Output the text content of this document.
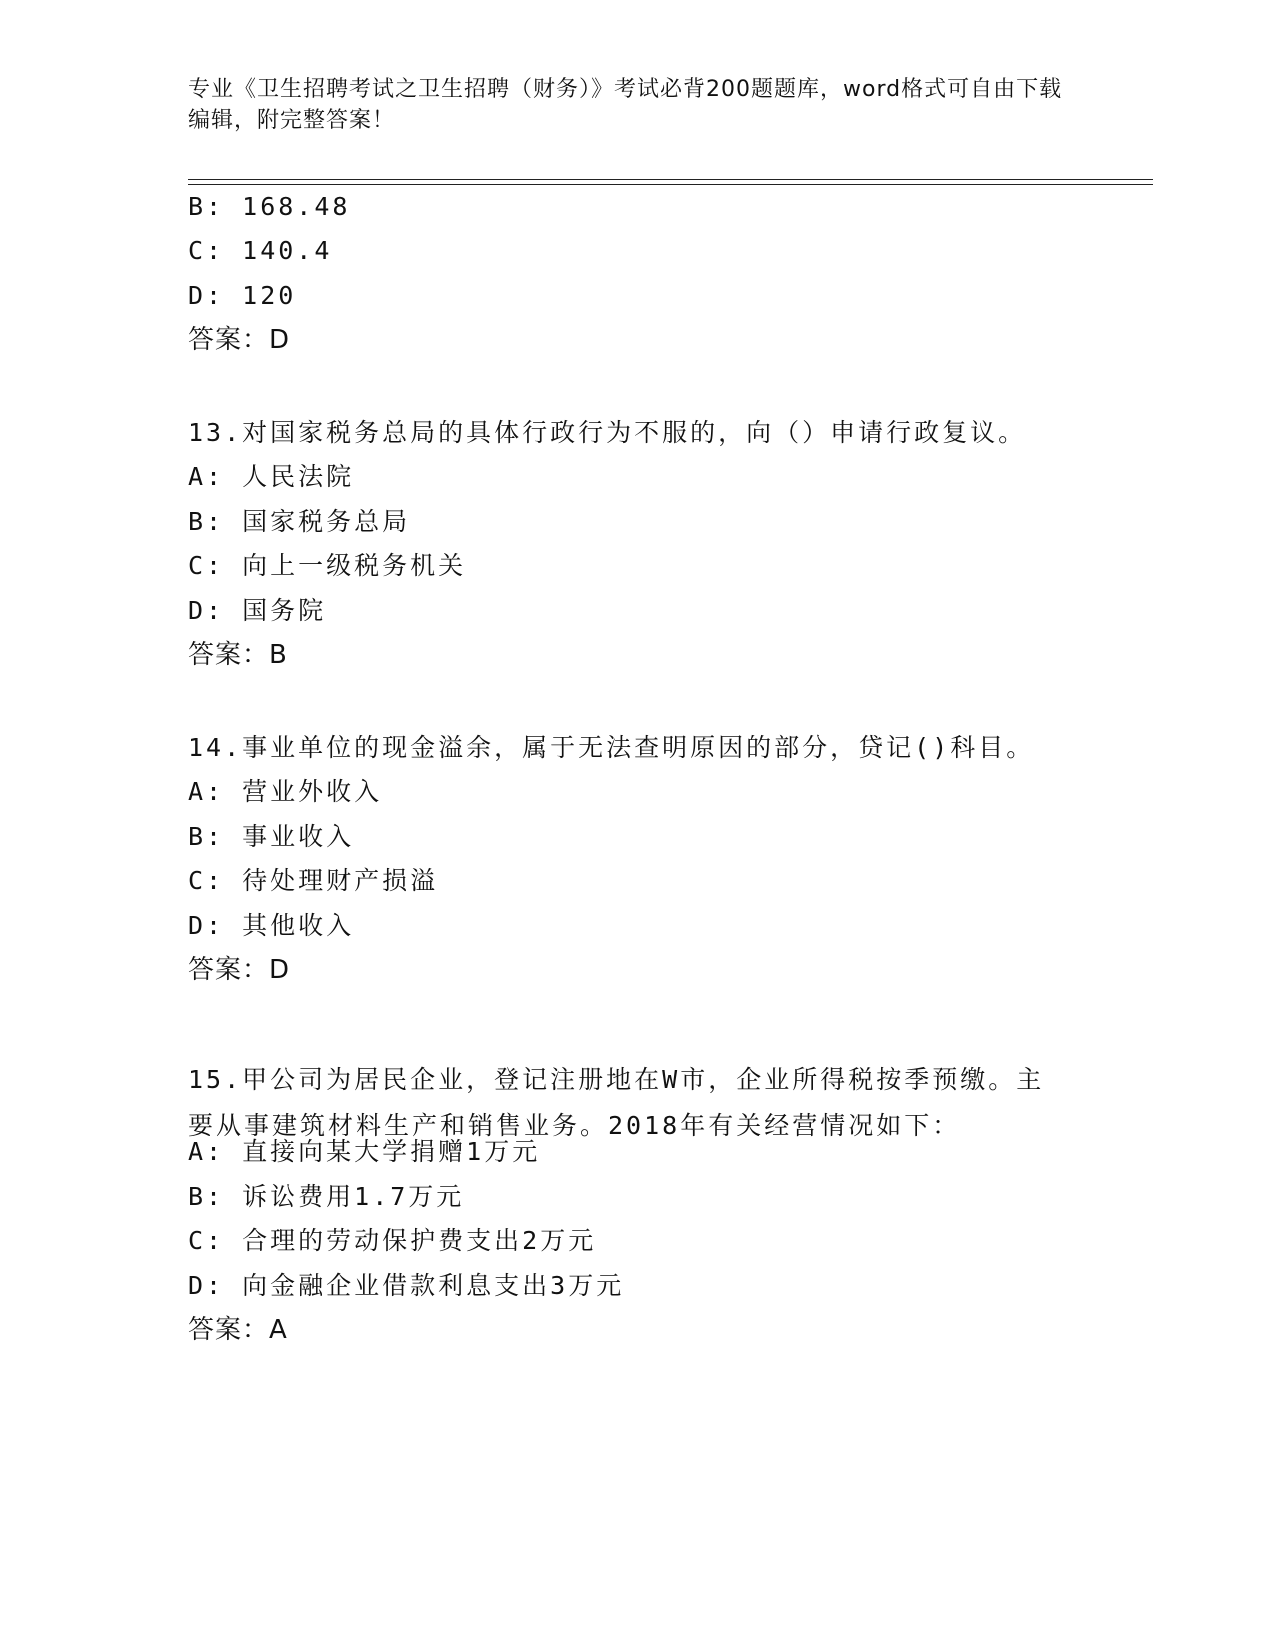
专业《卫生招聘考试之卫生招聘（财务）》考试必背200题题库，word格式可自由下载编辑，附完整答案！
B: 168.48
C: 140.4
D: 120
答案：D
13.对国家税务总局的具体行政行为不服的，向（）申请行政复议。
A: 人民法院
B: 国家税务总局
C: 向上一级税务机关
D: 国务院
答案：B
14.事业单位的现金溢余，属于无法查明原因的部分，贷记()科目。
A: 营业外收入
B: 事业收入
C: 待处理财产损溢
D: 其他收入
答案：D
15.甲公司为居民企业，登记注册地在W市，企业所得税按季预缴。主要从事建筑材料生产和销售业务。2018年有关经营情况如下：
A: 直接向某大学捐赠1万元
B: 诉讼费用1.7万元
C: 合理的劳动保护费支出2万元
D: 向金融企业借款利息支出3万元
答案：A
